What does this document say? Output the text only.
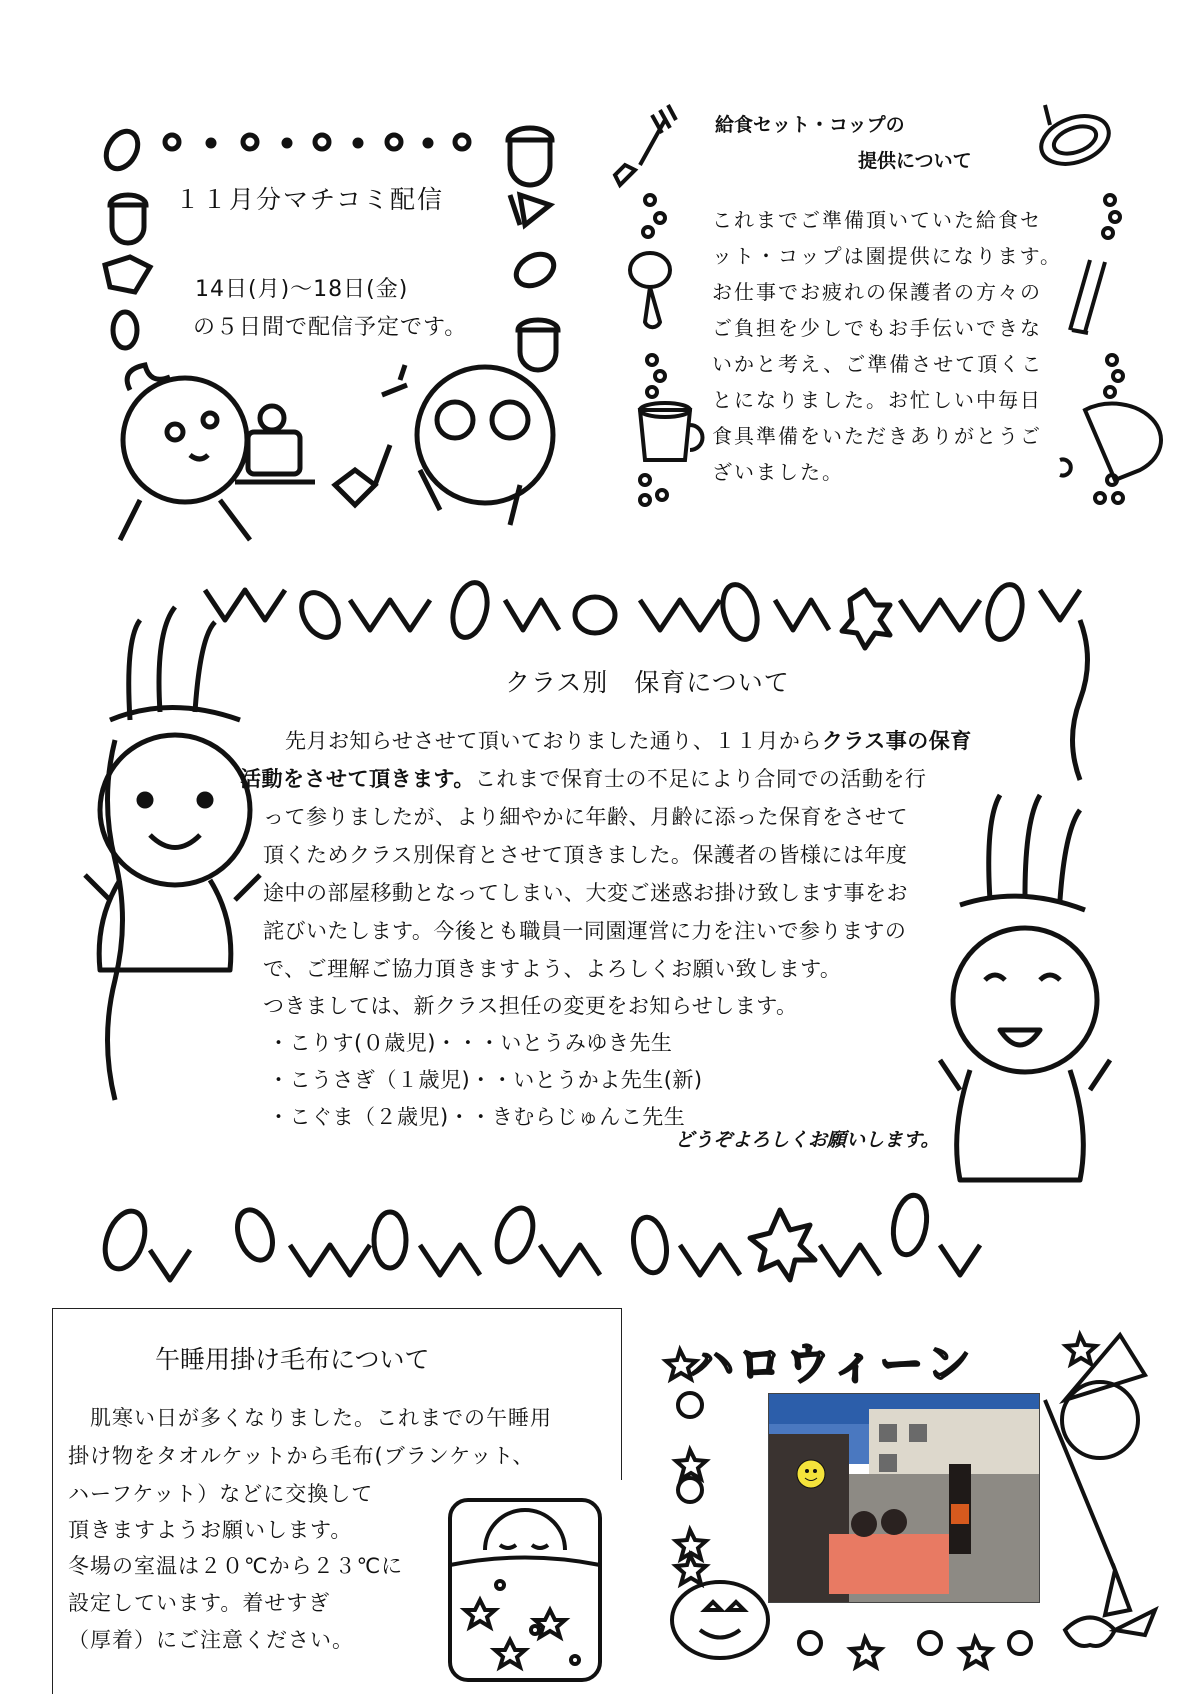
１１月分マチコミ配信
14日(月)～18日(金)
の５日間で配信予定です。
給食セット・コップの
提供について
これまでご準備頂いていた給食セ
ット・コップは園提供になります。
お仕事でお疲れの保護者の方々の
ご負担を少しでもお手伝いできな
いかと考え、ご準備させて頂くこ
とになりました。お忙しい中毎日
食具準備をいただきありがとうご
ざいました。
クラス別　保育について
先月お知らせさせて頂いておりました通り、１１月からクラス事の保育
活動をさせて頂きます。これまで保育士の不足により合同での活動を行
って参りましたが、より細やかに年齢、月齢に添った保育をさせて
頂くためクラス別保育とさせて頂きました。保護者の皆様には年度
途中の部屋移動となってしまい、大変ご迷惑お掛け致します事をお
詫びいたします。今後とも職員一同園運営に力を注いで参りますの
で、ご理解ご協力頂きますよう、よろしくお願い致します。
つきましては、新クラス担任の変更をお知らせします。
・こりす(０歳児)・・・いとうみゆき先生
・こうさぎ（１歳児)・・いとうかよ先生(新)
・こぐま（２歳児)・・きむらじゅんこ先生
どうぞよろしくお願いします。
午睡用掛け毛布について
肌寒い日が多くなりました。これまでの午睡用
掛け物をタオルケットから毛布(ブランケット、
ハーフケット）などに交換して
頂きますようお願いします。
冬場の室温は２０℃から２３℃に
設定しています。着せすぎ
（厚着）にご注意ください。
ハロウィーン
